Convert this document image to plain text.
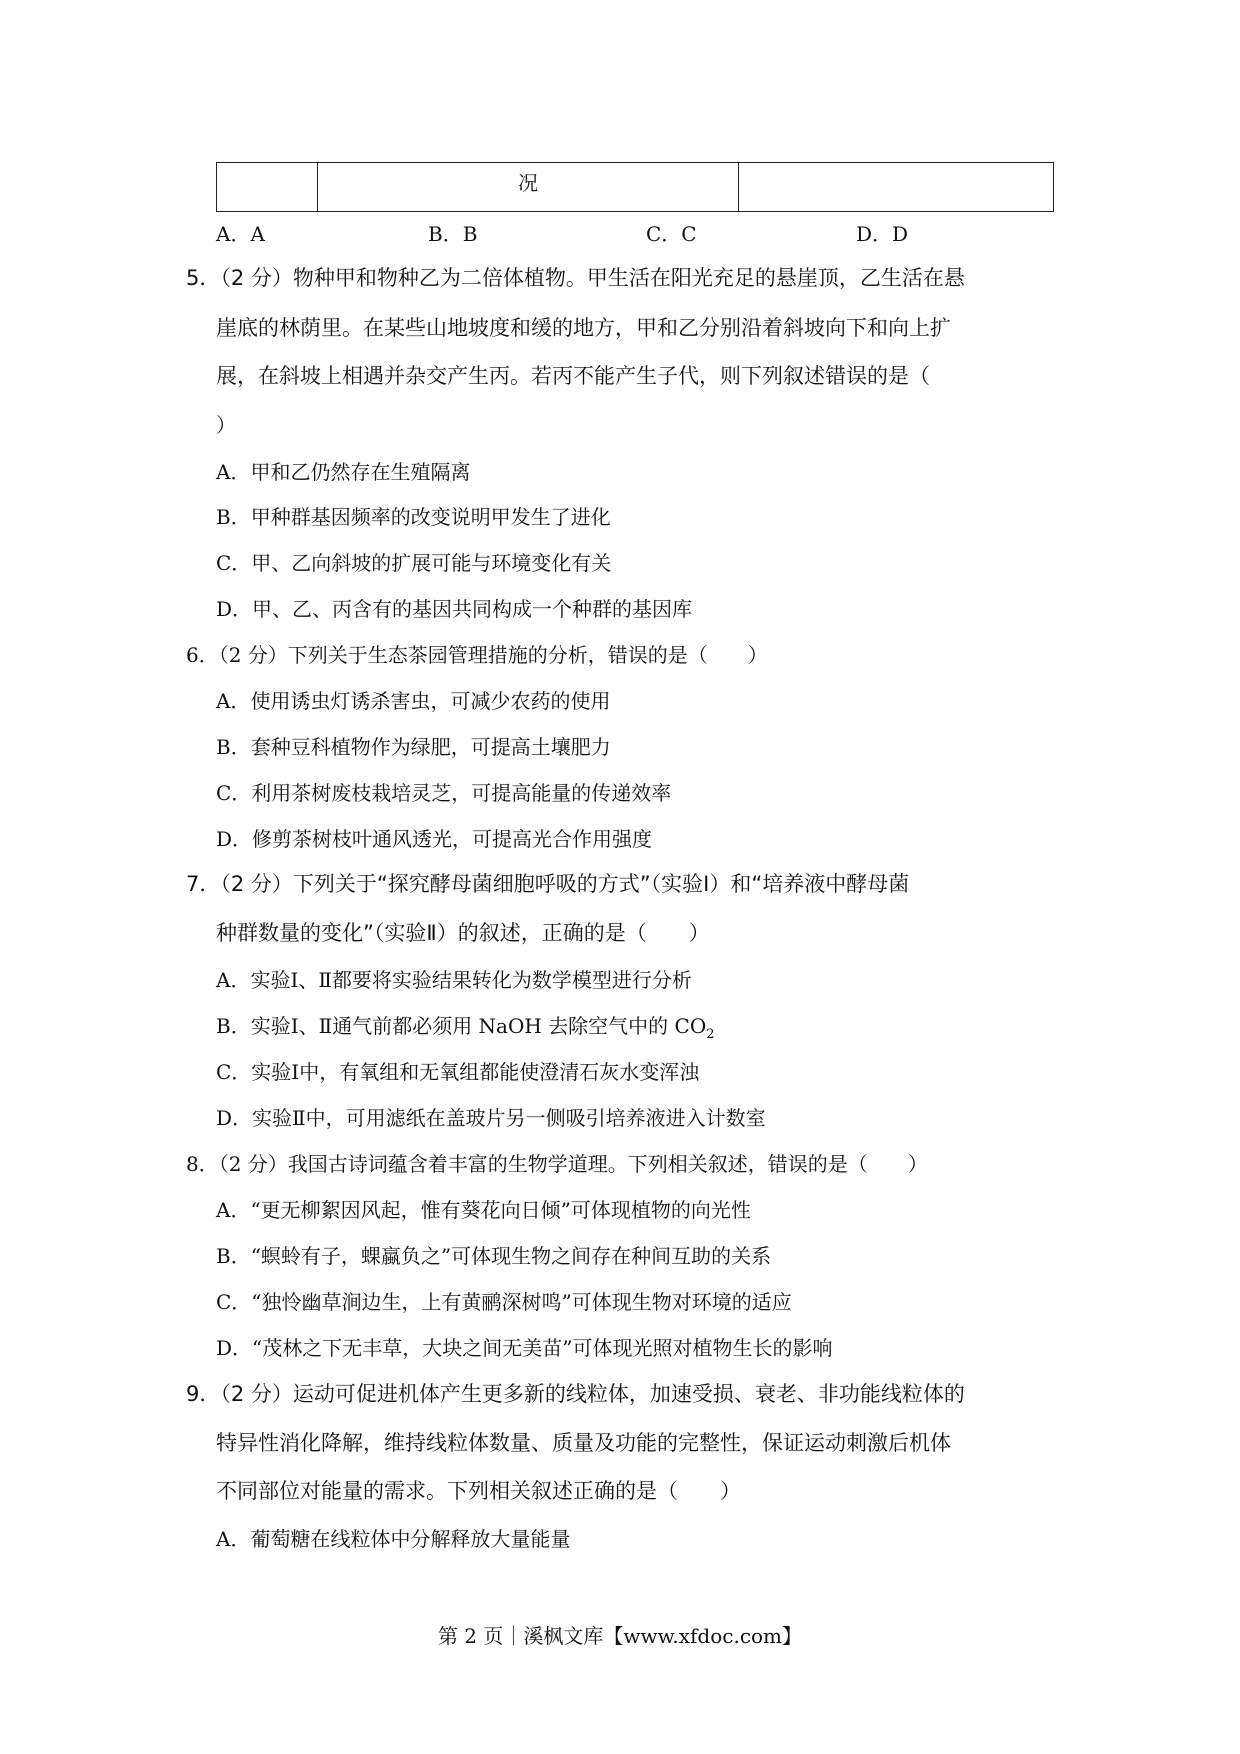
况
A．A	B．B	C．C	D．D
5．（2 分）物种甲和物种乙为二倍体植物。甲生活在阳光充足的悬崖顶，乙生活在悬
崖底的林荫里。在某些山地坡度和缓的地方，甲和乙分别沿着斜坡向下和向上扩
展，在斜坡上相遇并杂交产生丙。若丙不能产生子代，则下列叙述错误的是（
）
A．甲和乙仍然存在生殖隔离
B．甲种群基因频率的改变说明甲发生了进化
C．甲、乙向斜坡的扩展可能与环境变化有关
D．甲、乙、丙含有的基因共同构成一个种群的基因库
6．（2 分）下列关于生态茶园管理措施的分析，错误的是（　　）
A．使用诱虫灯诱杀害虫，可减少农药的使用
B．套种豆科植物作为绿肥，可提高土壤肥力
C．利用茶树废枝栽培灵芝，可提高能量的传递效率
D．修剪茶树枝叶通风透光，可提高光合作用强度
7．（2 分）下列关于“探究酵母菌细胞呼吸的方式”（实验Ⅰ）和“培养液中酵母菌
种群数量的变化”（实验Ⅱ）的叙述，正确的是（　　）
A．实验Ⅰ、Ⅱ都要将实验结果转化为数学模型进行分析
B．实验Ⅰ、Ⅱ通气前都必须用 NaOH 去除空气中的 $CO_2$
C．实验Ⅰ中，有氧组和无氧组都能使澄清石灰水变浑浊
D．实验Ⅱ中，可用滤纸在盖玻片另一侧吸引培养液进入计数室
8．（2 分）我国古诗词蕴含着丰富的生物学道理。下列相关叙述，错误的是（　　）
A．“更无柳絮因风起，惟有葵花向日倾”可体现植物的向光性
B．“螟蛉有子，蜾蠃负之”可体现生物之间存在种间互助的关系
C．“独怜幽草涧边生，上有黄鹂深树鸣”可体现生物对环境的适应
D．“茂林之下无丰草，大块之间无美苗”可体现光照对植物生长的影响
9．（2 分）运动可促进机体产生更多新的线粒体，加速受损、衰老、非功能线粒体的
特异性消化降解，维持线粒体数量、质量及功能的完整性，保证运动刺激后机体
不同部位对能量的需求。下列相关叙述正确的是（　　）
A．葡萄糖在线粒体中分解释放大量能量
第 2 页｜溪枫文库【www.xfdoc.com】
